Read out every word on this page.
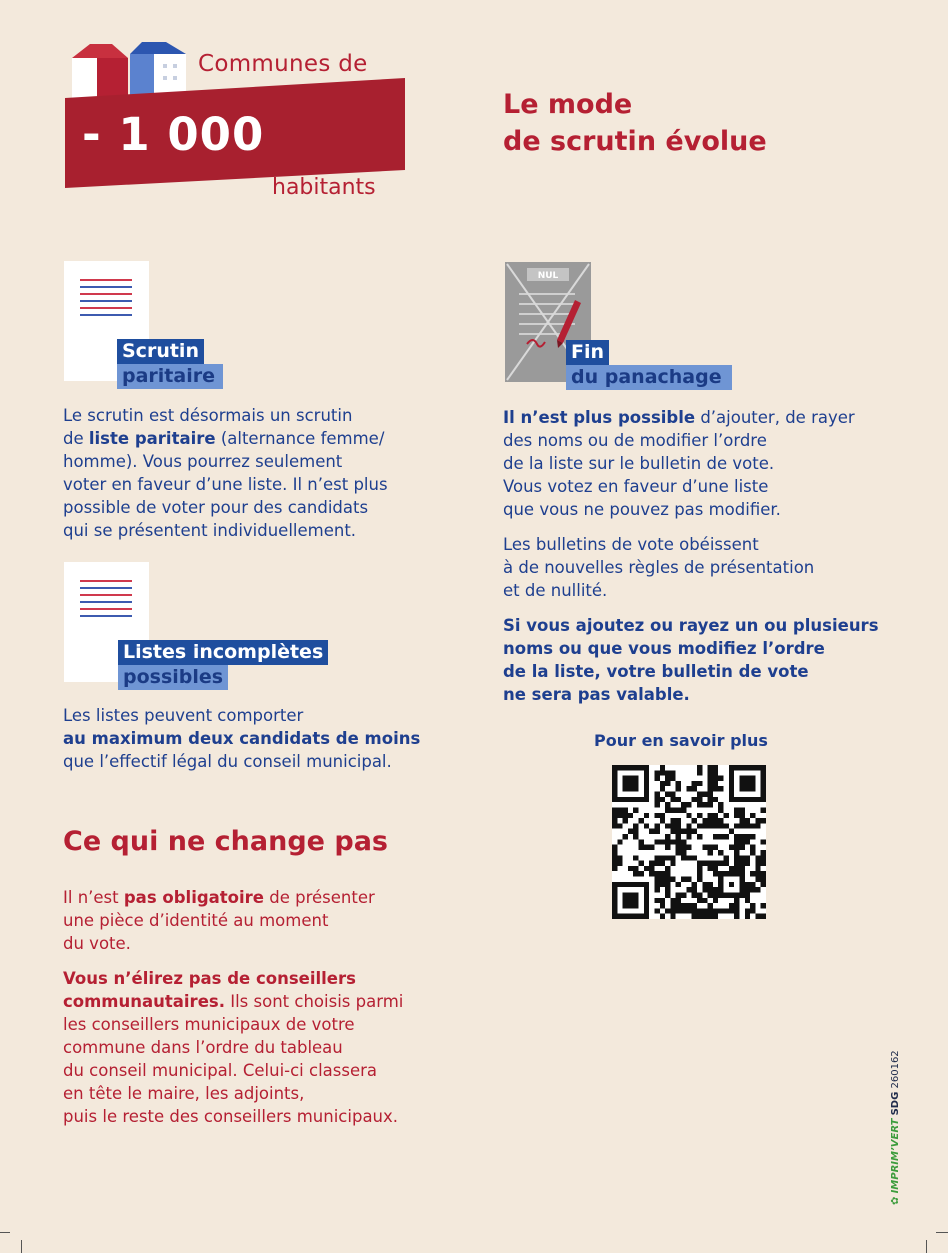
Communes de
- 1 000
habitants
Le mode
de scrutin évolue
Scrutin
paritaire
Le scrutin est désormais un scrutin
de liste paritaire (alternance femme/
homme). Vous pourrez seulement
voter en faveur d’une liste. Il n’est plus
possible de voter pour des candidats
qui se présentent individuellement.
Listes incomplètes
possibles
Les listes peuvent comporter
au maximum deux candidats de moins
que l’effectif légal du conseil municipal.
NUL
Fin
du panachage
Il n’est plus possible d’ajouter, de rayer
des noms ou de modifier l’ordre
de la liste sur le bulletin de vote.
Vous votez en faveur d’une liste
que vous ne pouvez pas modifier.
Les bulletins de vote obéissent
à de nouvelles règles de présentation
et de nullité.
Si vous ajoutez ou rayez un ou plusieurs
noms ou que vous modifiez l’ordre
de la liste, votre bulletin de vote
ne sera pas valable.
Pour en savoir plus
Ce qui ne change pas
Il n’est pas obligatoire de présenter
une pièce d’identité au moment
du vote.
Vous n’élirez pas de conseillers
communautaires. Ils sont choisis parmi
les conseillers municipaux de votre
commune dans l’ordre du tableau
du conseil municipal. Celui-ci classera
en tête le maire, les adjoints,
puis le reste des conseillers municipaux.
✿ IMPRIM’VERT SDG 260162
